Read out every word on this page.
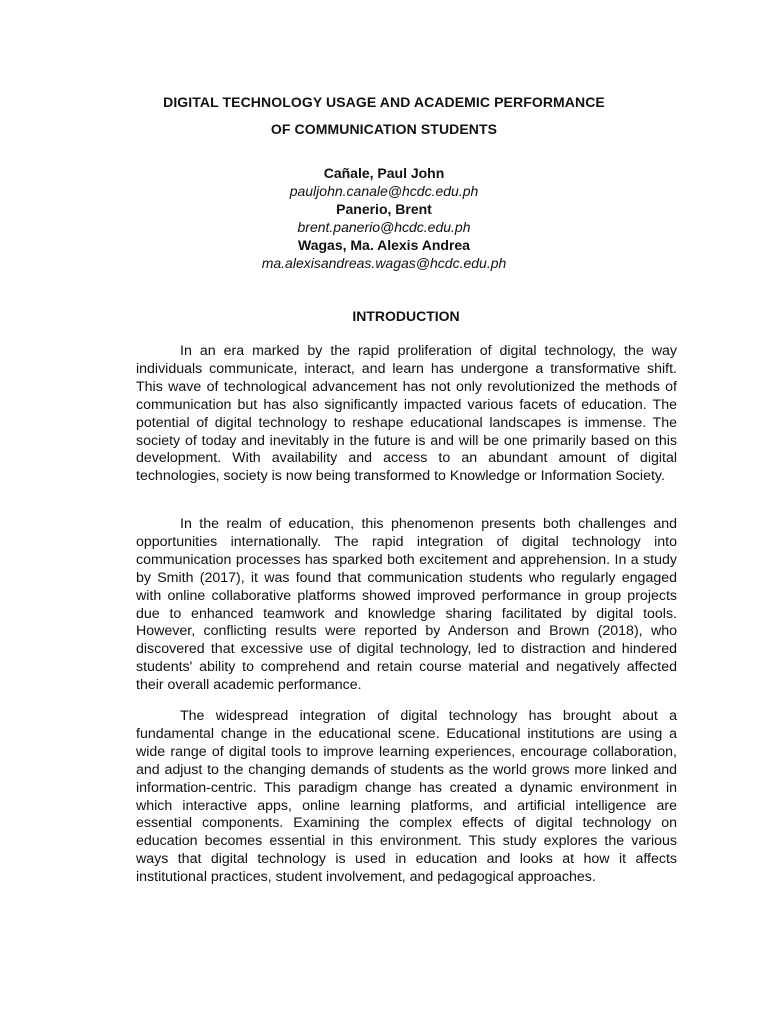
DIGITAL TECHNOLOGY USAGE AND ACADEMIC PERFORMANCE
OF COMMUNICATION STUDENTS
Cañale, Paul John
pauljohn.canale@hcdc.edu.ph
Panerio, Brent
brent.panerio@hcdc.edu.ph
Wagas, Ma. Alexis Andrea
ma.alexisandreas.wagas@hcdc.edu.ph
INTRODUCTION

In an era marked by the rapid proliferation of digital technology, the way individuals communicate, interact, and learn has undergone a transformative shift. This wave of technological advancement has not only revolutionized the methods of communication but has also significantly impacted various facets of education. The potential of digital technology to reshape educational landscapes is immense. The society of today and inevitably in the future is and will be one primarily based on this development. With availability and access to an abundant amount of digital technologies, society is now being transformed to Knowledge or Information Society.

In the realm of education, this phenomenon presents both challenges and opportunities internationally. The rapid integration of digital technology into communication processes has sparked both excitement and apprehension. In a study by Smith (2017), it was found that communication students who regularly engaged with online collaborative platforms showed improved performance in group projects due to enhanced teamwork and knowledge sharing facilitated by digital tools. However, conflicting results were reported by Anderson and Brown (2018), who discovered that excessive use of digital technology, led to distraction and hindered students' ability to comprehend and retain course material and negatively affected their overall academic performance.

The widespread integration of digital technology has brought about a fundamental change in the educational scene. Educational institutions are using a wide range of digital tools to improve learning experiences, encourage collaboration, and adjust to the changing demands of students as the world grows more linked and information-centric. This paradigm change has created a dynamic environment in which interactive apps, online learning platforms, and artificial intelligence are essential components. Examining the complex effects of digital technology on education becomes essential in this environment. This study explores the various ways that digital technology is used in education and looks at how it affects institutional practices, student involvement, and pedagogical approaches.
